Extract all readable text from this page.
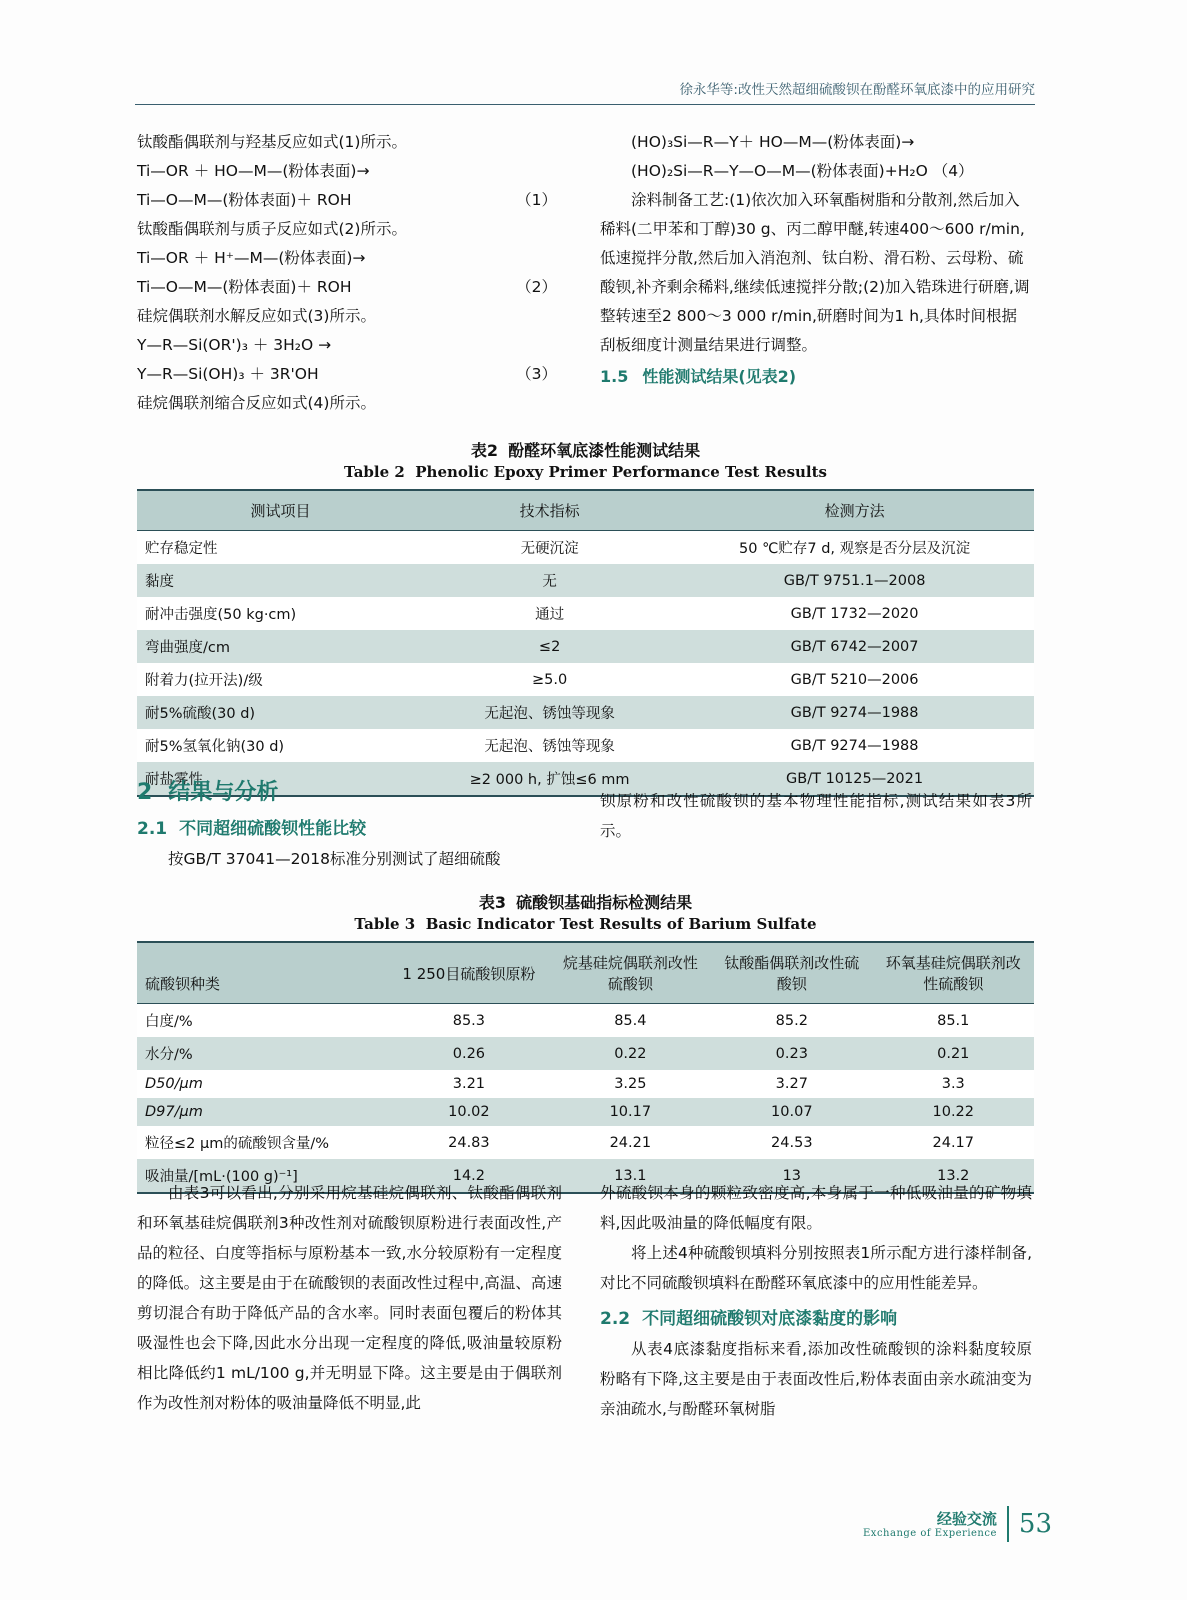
徐永华等:改性天然超细硫酸钡在酚醛环氧底漆中的应用研究
钛酸酯偶联剂与羟基反应如式(1)所示。
Ti—OR ＋ HO—M—(粉体表面)→
Ti—O—M—(粉体表面)＋ ROH	（1）
钛酸酯偶联剂与质子反应如式(2)所示。
Ti—OR ＋ H⁺—M—(粉体表面)→
Ti—O—M—(粉体表面)＋ ROH	（2）
硅烷偶联剂水解反应如式(3)所示。
Y—R—Si(OR')₃ ＋ 3H₂O →
Y—R—Si(OH)₃ ＋ 3R'OH	（3）
硅烷偶联剂缩合反应如式(4)所示。
(HO)₃Si—R—Y＋ HO—M—(粉体表面)→
(HO)₂Si—R—Y—O—M—(粉体表面)+H₂O （4）
涂料制备工艺:(1)依次加入环氧酯树脂和分散剂,然后加入稀料(二甲苯和丁醇)30 g、丙二醇甲醚,转速400～600 r/min,低速搅拌分散,然后加入消泡剂、钛白粉、滑石粉、云母粉、硫酸钡,补齐剩余稀料,继续低速搅拌分散;(2)加入锆珠进行研磨,调整转速至2 800～3 000 r/min,研磨时间为1 h,具体时间根据刮板细度计测量结果进行调整。
1.5 性能测试结果(见表2)
表2 酚醛环氧底漆性能测试结果
Table 2 Phenolic Epoxy Primer Performance Test Results
测试项目	技术指标	检测方法
贮存稳定性	无硬沉淀	50 ℃贮存7 d, 观察是否分层及沉淀
黏度	无	GB/T 9751.1—2008
耐冲击强度(50 kg·cm)	通过	GB/T 1732—2020
弯曲强度/cm	≤2	GB/T 6742—2007
附着力(拉开法)/级	≥5.0	GB/T 5210—2006
耐5%硫酸(30 d)	无起泡、锈蚀等现象	GB/T 9274—1988
耐5%氢氧化钠(30 d)	无起泡、锈蚀等现象	GB/T 9274—1988
耐盐雾性	≥2 000 h, 扩蚀≤6 mm	GB/T 10125—2021
2 结果与分析
2.1 不同超细硫酸钡性能比较
按GB/T 37041—2018标准分别测试了超细硫酸
钡原粉和改性硫酸钡的基本物理性能指标,测试结果如表3所示。
表3 硫酸钡基础指标检测结果
Table 3 Basic Indicator Test Results of Barium Sulfate
硫酸钡种类	1 250目硫酸钡原粉	烷基硅烷偶联剂改性硫酸钡	钛酸酯偶联剂改性硫酸钡	环氧基硅烷偶联剂改性硫酸钡
白度/%	85.3	85.4	85.2	85.1
水分/%	0.26	0.22	0.23	0.21
D50/μm	3.21	3.25	3.27	3.3
D97/μm	10.02	10.17	10.07	10.22
粒径≤2 μm的硫酸钡含量/%	24.83	24.21	24.53	24.17
吸油量/[mL·(100 g)⁻¹]	14.2	13.1	13	13.2
由表3可以看出,分别采用烷基硅烷偶联剂、钛酸酯偶联剂和环氧基硅烷偶联剂3种改性剂对硫酸钡原粉进行表面改性,产品的粒径、白度等指标与原粉基本一致,水分较原粉有一定程度的降低。这主要是由于在硫酸钡的表面改性过程中,高温、高速剪切混合有助于降低产品的含水率。同时表面包覆后的粉体其吸湿性也会下降,因此水分出现一定程度的降低,吸油量较原粉相比降低约1 mL/100 g,并无明显下降。这主要是由于偶联剂作为改性剂对粉体的吸油量降低不明显,此
外硫酸钡本身的颗粒致密度高,本身属于一种低吸油量的矿物填料,因此吸油量的降低幅度有限。
将上述4种硫酸钡填料分别按照表1所示配方进行漆样制备,对比不同硫酸钡填料在酚醛环氧底漆中的应用性能差异。
2.2 不同超细硫酸钡对底漆黏度的影响
从表4底漆黏度指标来看,添加改性硫酸钡的涂料黏度较原粉略有下降,这主要是由于表面改性后,粉体表面由亲水疏油变为亲油疏水,与酚醛环氧树脂
经验交流
Exchange of Experience 53
